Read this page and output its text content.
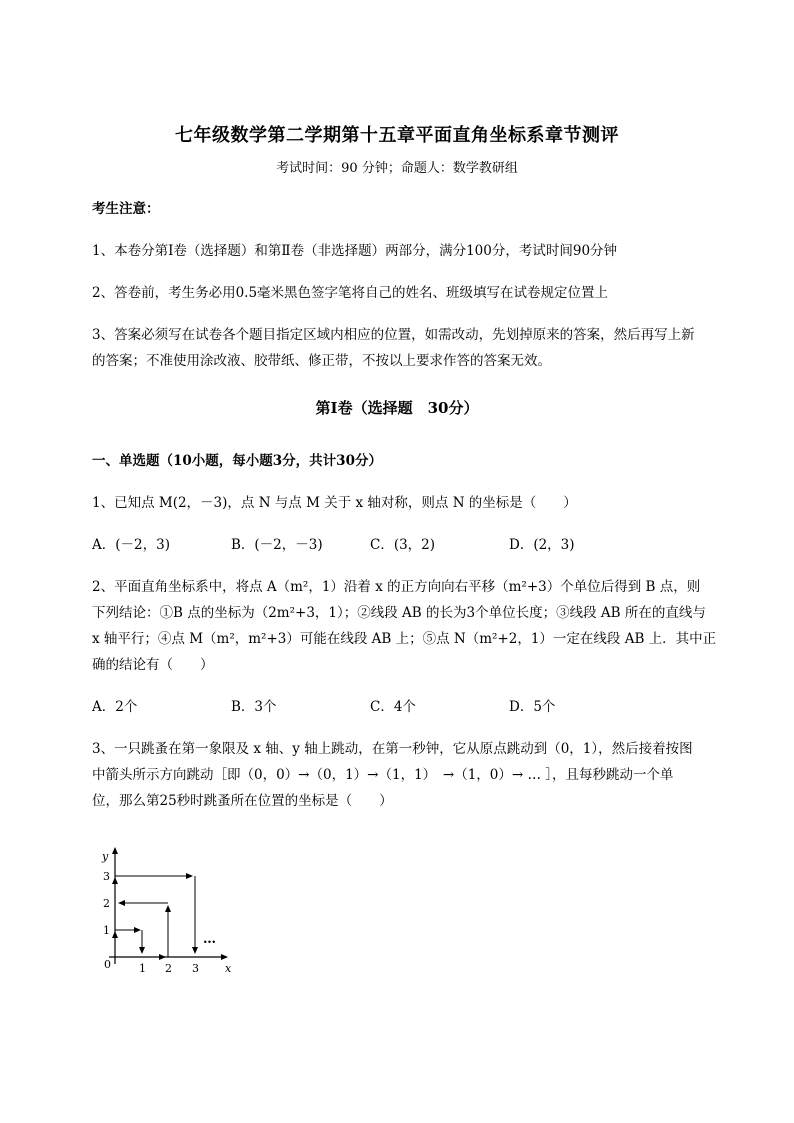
七年级数学第二学期第十五章平面直角坐标系章节测评
考试时间：90 分钟；命题人：数学教研组
考生注意：
1、本卷分第Ⅰ卷（选择题）和第Ⅱ卷（非选择题）两部分，满分100分，考试时间90分钟
2、答卷前，考生务必用0.5毫米黑色签字笔将自己的姓名、班级填写在试卷规定位置上
3、答案必须写在试卷各个题目指定区域内相应的位置，如需改动，先划掉原来的答案，然后再写上新
的答案；不准使用涂改液、胶带纸、修正带，不按以上要求作答的答案无效。
第Ⅰ卷（选择题　30分）
一、单选题（10小题，每小题3分，共计30分）
1、已知点 M(2，－3)，点 N 与点 M 关于 x 轴对称，则点 N 的坐标是（　　）
A．(－2，3)	B．(－2，－3)	C．(3，2)	D．(2，3)
2、平面直角坐标系中，将点 A（m²，1）沿着 x 的正方向向右平移（m²+3）个单位后得到 B 点，则
下列结论：①B 点的坐标为（2m²+3，1）；②线段 AB 的长为3个单位长度；③线段 AB 所在的直线与
x 轴平行；④点 M（m²，m²+3）可能在线段 AB 上；⑤点 N（m²+2，1）一定在线段 AB 上．其中正
确的结论有（　　）
A．2个	B．3个	C．4个	D．5个
3、一只跳蚤在第一象限及 x 轴、y 轴上跳动，在第一秒钟，它从原点跳动到（0，1），然后接着按图
中箭头所示方向跳动［即（0，0）→（0，1）→（1，1）　→（1，0）→ … ］，且每秒跳动一个单
位，那么第25秒时跳蚤所在位置的坐标是（　　）
y
x
0
1
2
3
1 2 3
…
